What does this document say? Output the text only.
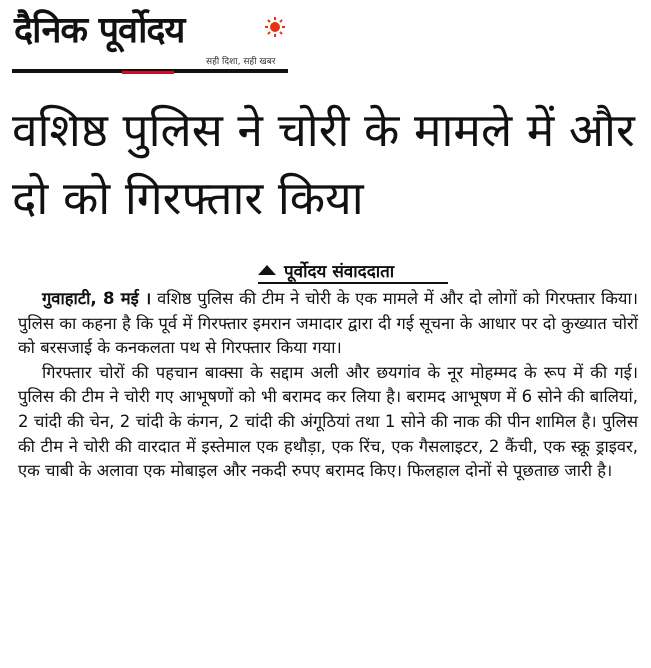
दैनिक पूर्वोदय
सही दिशा, सही खबर
वशिष्ठ पुलिस ने चोरी के मामले में और दो को गिरफ्तार किया
पूर्वोदय संवाददाता

गुवाहाटी, 8 मई । वशिष्ठ पुलिस की टीम ने चोरी के एक मामले में और दो लोगों को गिरफ्तार किया। पुलिस का कहना है कि पूर्व में गिरफ्तार इमरान जमादार द्वारा दी गई सूचना के आधार पर दो कुख्यात चोरों को बरसजाई के कनकलता पथ से गिरफ्तार किया गया।

गिरफ्तार चोरों की पहचान बाक्सा के सद्दाम अली और छयगांव के नूर मोहम्मद के रूप में की गई। पुलिस की टीम ने चोरी गए आभूषणों को भी बरामद कर लिया है। बरामद आभूषण में 6 सोने की बालियां, 2 चांदी की चेन, 2 चांदी के कंगन, 2 चांदी की अंगूठियां तथा 1 सोने की नाक की पीन शामिल है। पुलिस की टीम ने चोरी की वारदात में इस्तेमाल एक हथौड़ा, एक रिंच, एक गैसलाइटर, 2 कैंची, एक स्क्रू ड्राइवर, एक चाबी के अलावा एक मोबाइल और नकदी रुपए बरामद किए। फिलहाल दोनों से पूछताछ जारी है।
